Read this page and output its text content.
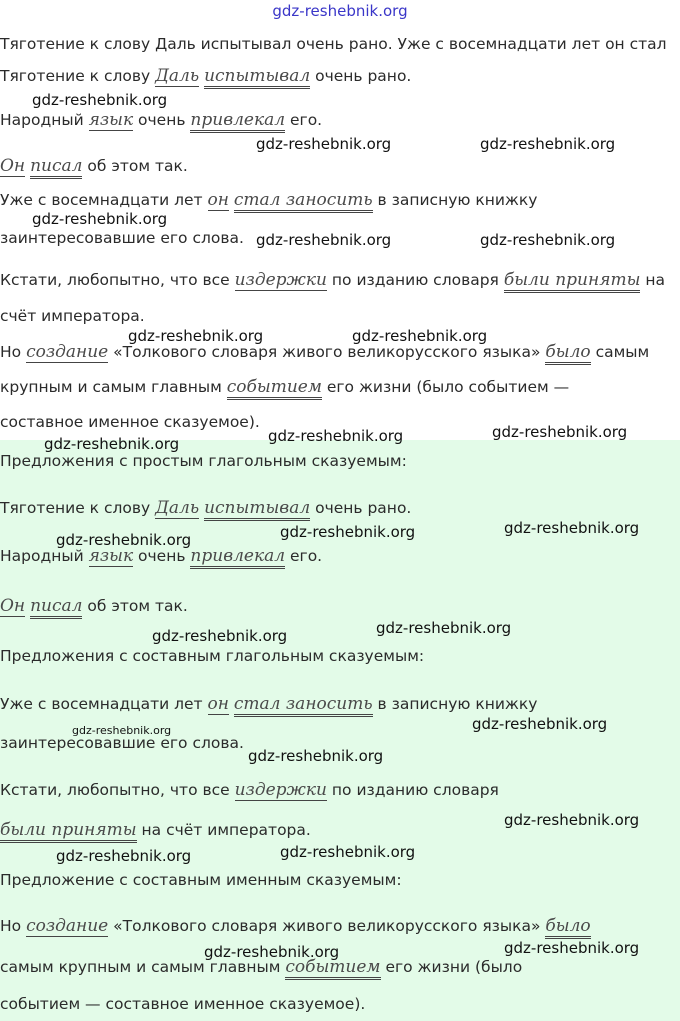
gdz-reshebnik.org
Тяготение к слову Даль испытывал очень рано. Уже с восемнадцати лет он стал
Тяготение к слову Даль испытывал очень рано.
Народный язык очень привлекал его.
Он писал об этом так.
Уже с восемнадцати лет он стал заносить в записную книжку
заинтересовавшие его слова.
Кстати, любопытно, что все издержки по изданию словаря были приняты на
счёт императора.
Но создание «Толкового словаря живого великорусского языка» было самым
крупным и самым главным событием его жизни (было событием —
составное именное сказуемое).
Предложения с простым глагольным сказуемым:
Тяготение к слову Даль испытывал очень рано.
Народный язык очень привлекал его.
Он писал об этом так.
Предложения с составным глагольным сказуемым:
Уже с восемнадцати лет он стал заносить в записную книжку
заинтересовавшие его слова.
Кстати, любопытно, что все издержки по изданию словаря
были приняты на счёт императора.
Предложение с составным именным сказуемым:
Но создание «Толкового словаря живого великорусского языка» было
самым крупным и самым главным событием его жизни (было
событием — составное именное сказуемое).
gdz-reshebnik.org
gdz-reshebnik.org	gdz-reshebnik.org
gdz-reshebnik.org
gdz-reshebnik.org	gdz-reshebnik.org
gdz-reshebnik.org	gdz-reshebnik.org
gdz-reshebnik.org	gdz-reshebnik.org	gdz-reshebnik.org
gdz-reshebnik.org	gdz-reshebnik.org	gdz-reshebnik.org
gdz-reshebnik.org	gdz-reshebnik.org
gdz-reshebnik.org	gdz-reshebnik.org
gdz-reshebnik.org
gdz-reshebnik.org
gdz-reshebnik.org	gdz-reshebnik.org
gdz-reshebnik.org	gdz-reshebnik.org
